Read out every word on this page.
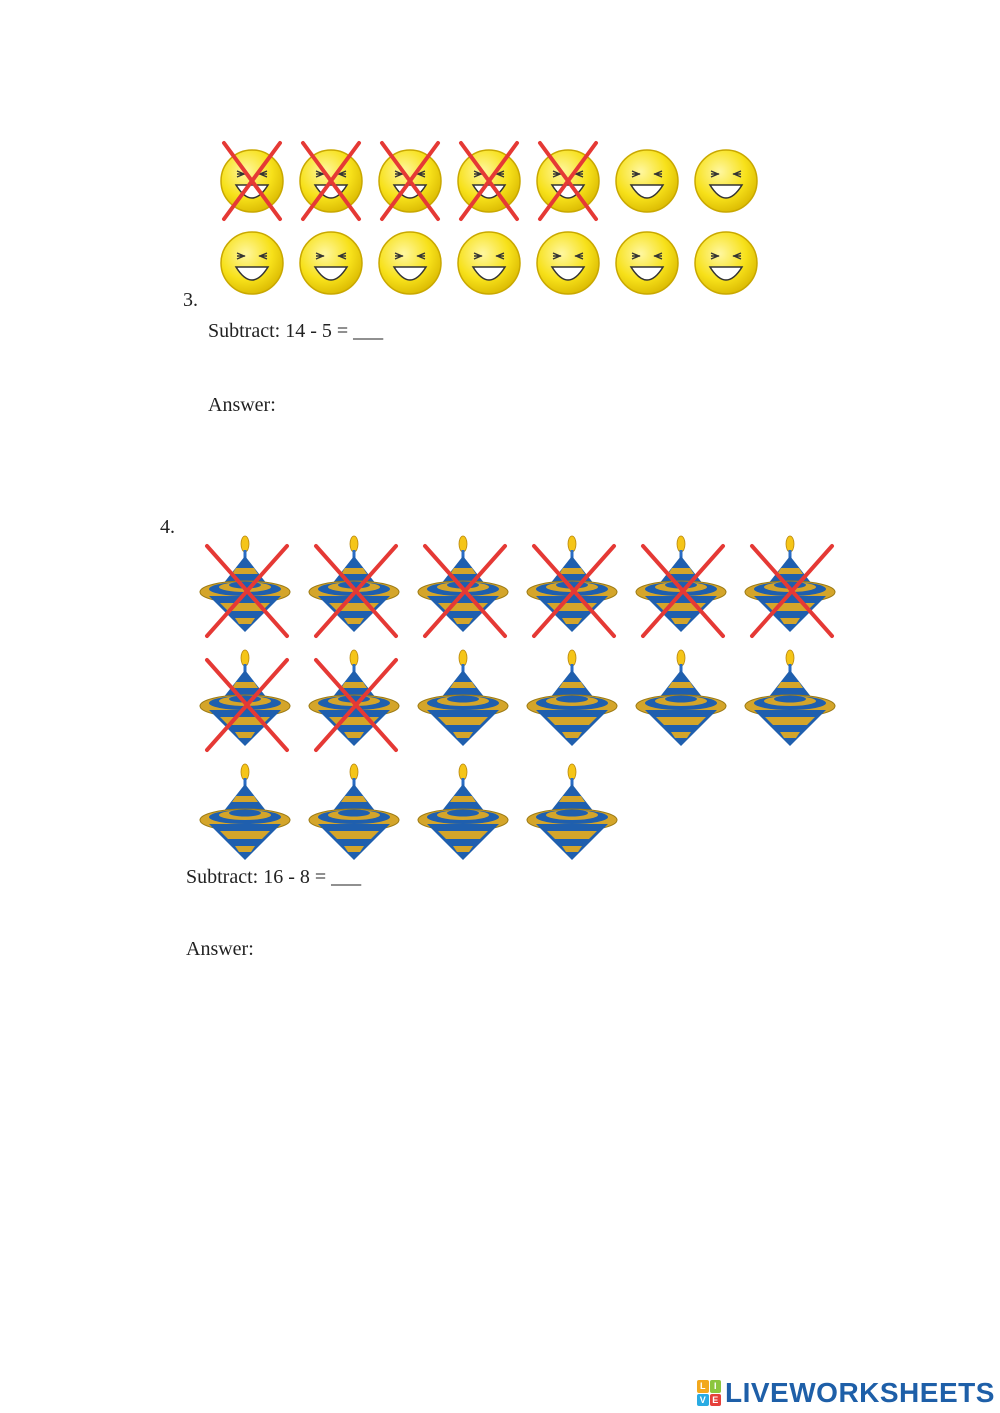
3.
Subtract: 14 - 5 = ___
Answer:
4.
Subtract: 16 - 8 = ___
Answer:
L I
V E LIVEWORKSHEETS
